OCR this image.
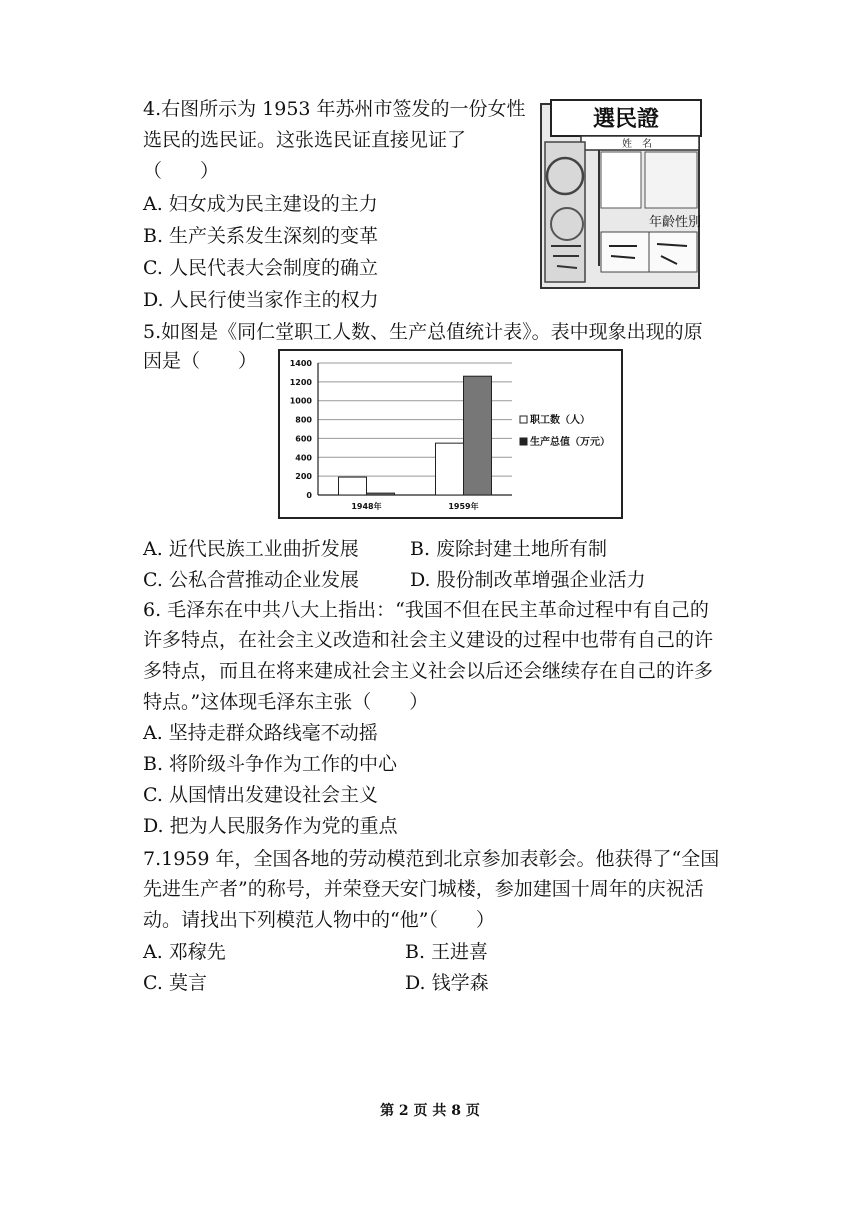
4.右图所示为 1953 年苏州市签发的一份女性
选民的选民证。这张选民证直接见证了
（　　）
A. 妇女成为民主建设的主力
B. 生产关系发生深刻的变革
C. 人民代表大会制度的确立
D. 人民行使当家作主的权力
選民證
姓　名
年齡性別
5.如图是《同仁堂职工人数、生产总值统计表》。表中现象出现的原
因是（　　）
0
200
400
600
800
1000
1200
1400
1948年	1959年
职工数（人）
生产总值（万元）
A. 近代民族工业曲折发展	B. 废除封建土地所有制
C. 公私合营推动企业发展	D. 股份制改革增强企业活力
6. 毛泽东在中共八大上指出：“我国不但在民主革命过程中有自己的
许多特点，在社会主义改造和社会主义建设的过程中也带有自己的许
多特点，而且在将来建成社会主义社会以后还会继续存在自己的许多
特点。”这体现毛泽东主张（　　）
A. 坚持走群众路线毫不动摇
B. 将阶级斗争作为工作的中心
C. 从国情出发建设社会主义
D. 把为人民服务作为党的重点
7.1959 年，全国各地的劳动模范到北京参加表彰会。他获得了“全国
先进生产者”的称号，并荣登天安门城楼，参加建国十周年的庆祝活
动。请找出下列模范人物中的“他”（　　）
A. 邓稼先	B. 王进喜
C. 莫言	D. 钱学森
第 2 页 共 8 页
